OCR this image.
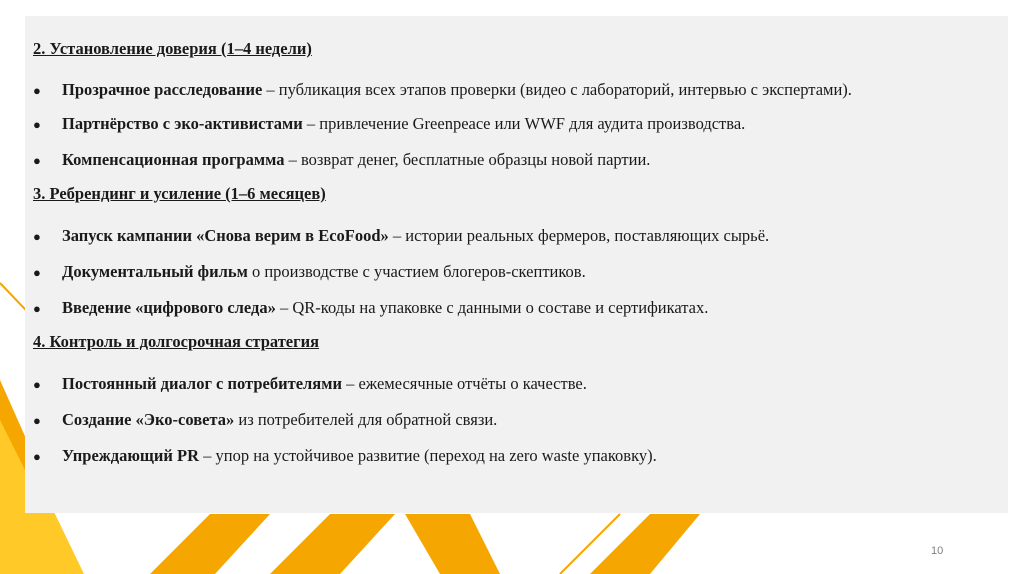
2. Установление доверия (1–4 недели)
● Прозрачное расследование – публикация всех этапов проверки (видео с лабораторий, интервью с экспертами).
● Партнёрство с эко-активистами – привлечение Greenpeace или WWF для аудита производства.
● Компенсационная программа – возврат денег, бесплатные образцы новой партии.
3. Ребрендинг и усиление (1–6 месяцев)
● Запуск кампании «Снова верим в EcoFood» – истории реальных фермеров, поставляющих сырьё.
● Документальный фильм о производстве с участием блогеров-скептиков.
● Введение «цифрового следа» – QR-коды на упаковке с данными о составе и сертификатах.
4. Контроль и долгосрочная стратегия
● Постоянный диалог с потребителями – ежемесячные отчёты о качестве.
● Создание «Эко-совета» из потребителей для обратной связи.
● Упреждающий PR – упор на устойчивое развитие (переход на zero waste упаковку).
10
